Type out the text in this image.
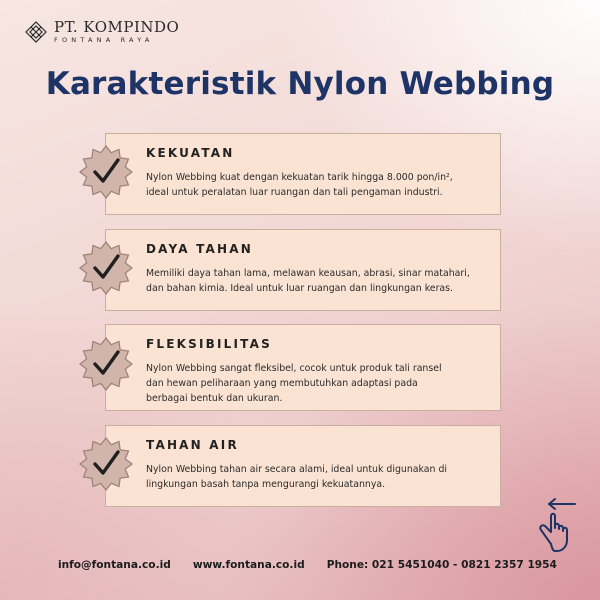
PT. KOMPINDO
FONTANA RAYA
Karakteristik Nylon Webbing
KEKUATAN
Nylon Webbing kuat dengan kekuatan tarik hingga 8.000 pon/in²,
ideal untuk peralatan luar ruangan dan tali pengaman industri.
DAYA TAHAN
Memiliki daya tahan lama, melawan keausan, abrasi, sinar matahari,
dan bahan kimia. Ideal untuk luar ruangan dan lingkungan keras.
FLEKSIBILITAS
Nylon Webbing sangat fleksibel, cocok untuk produk tali ransel
dan hewan peliharaan yang membutuhkan adaptasi pada
berbagai bentuk dan ukuran.
TAHAN AIR
Nylon Webbing tahan air secara alami, ideal untuk digunakan di
lingkungan basah tanpa mengurangi kekuatannya.
info@fontana.co.id www.fontana.co.id Phone: 021 5451040 - 0821 2357 1954
